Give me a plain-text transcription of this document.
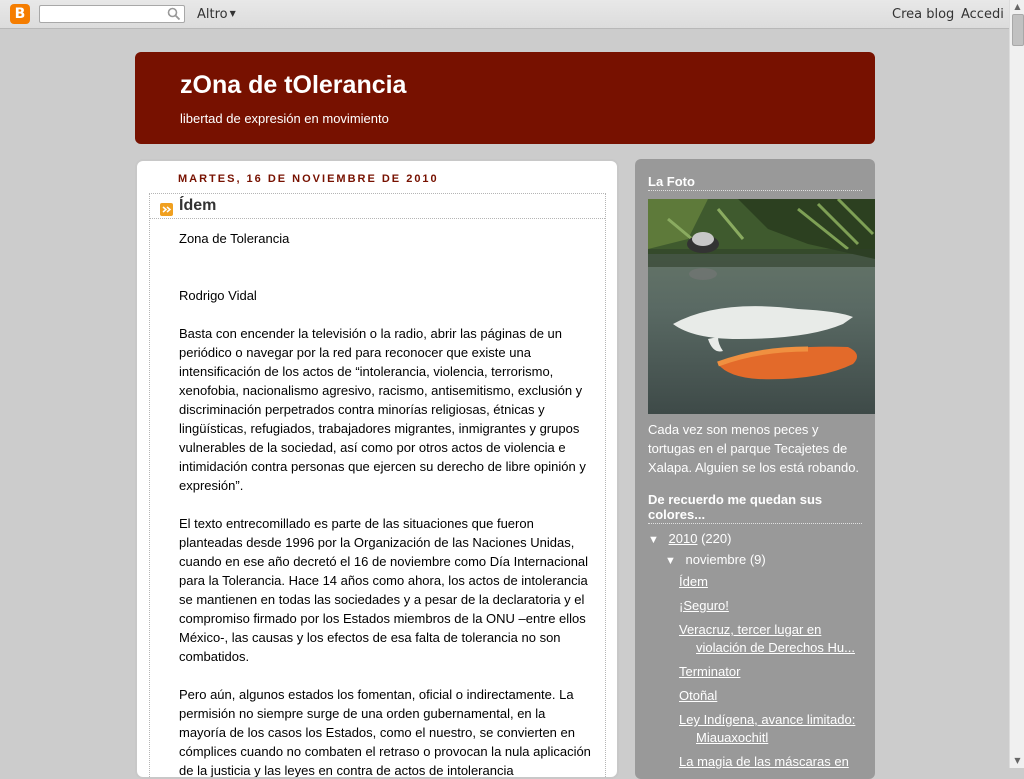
B	Altro ▼	Crea blog Accedi
▲
▼
zOna de tOlerancia
libertad de expresión en movimiento
MARTES, 16 DE NOVIEMBRE DE 2010
Ídem

Zona de Tolerancia

Rodrigo Vidal

Basta con encender la televisión o la radio, abrir las páginas de un periódico o navegar por la red para reconocer que existe una intensificación de los actos de “intolerancia, violencia, terrorismo, xenofobia, nacionalismo agresivo, racismo, antisemitismo, exclusión y discriminación perpetrados contra minorías religiosas, étnicas y lingüísticas, refugiados, trabajadores migrantes, inmigrantes y grupos vulnerables de la sociedad, así como por otros actos de violencia e intimidación contra personas que ejercen su derecho de libre opinión y expresión”.

El texto entrecomillado es parte de las situaciones que fueron planteadas desde 1996 por la Organización de las Naciones Unidas, cuando en ese año decretó el 16 de noviembre como Día Internacional para la Tolerancia. Hace 14 años como ahora, los actos de intolerancia se mantienen en todas las sociedades y a pesar de la declaratoria y el compromiso firmado por los Estados miembros de la ONU –entre ellos México-, las causas y los efectos de esa falta de tolerancia no son combatidos.

Pero aún, algunos estados los fomentan, oficial o indirectamente. La permisión no siempre surge de una orden gubernamental, en la mayoría de los casos los Estados, como el nuestro, se convierten en cómplices cuando no combaten el retraso o provocan la nula aplicación de la justicia y las leyes en contra de actos de intolerancia

La Foto
Cada vez son menos peces y tortugas en el parque Tecajetes de Xalapa. Alguien se los está robando.
De recuerdo me quedan sus colores...
▼ 2010 (220)
▼ noviembre (9)
Ídem
¡Seguro!
Veracruz, tercer lugar en violación de Derechos Hu...
Terminator
Otoñal
Ley Indígena, avance limitado: Miauaxochitl
La magia de las máscaras en
